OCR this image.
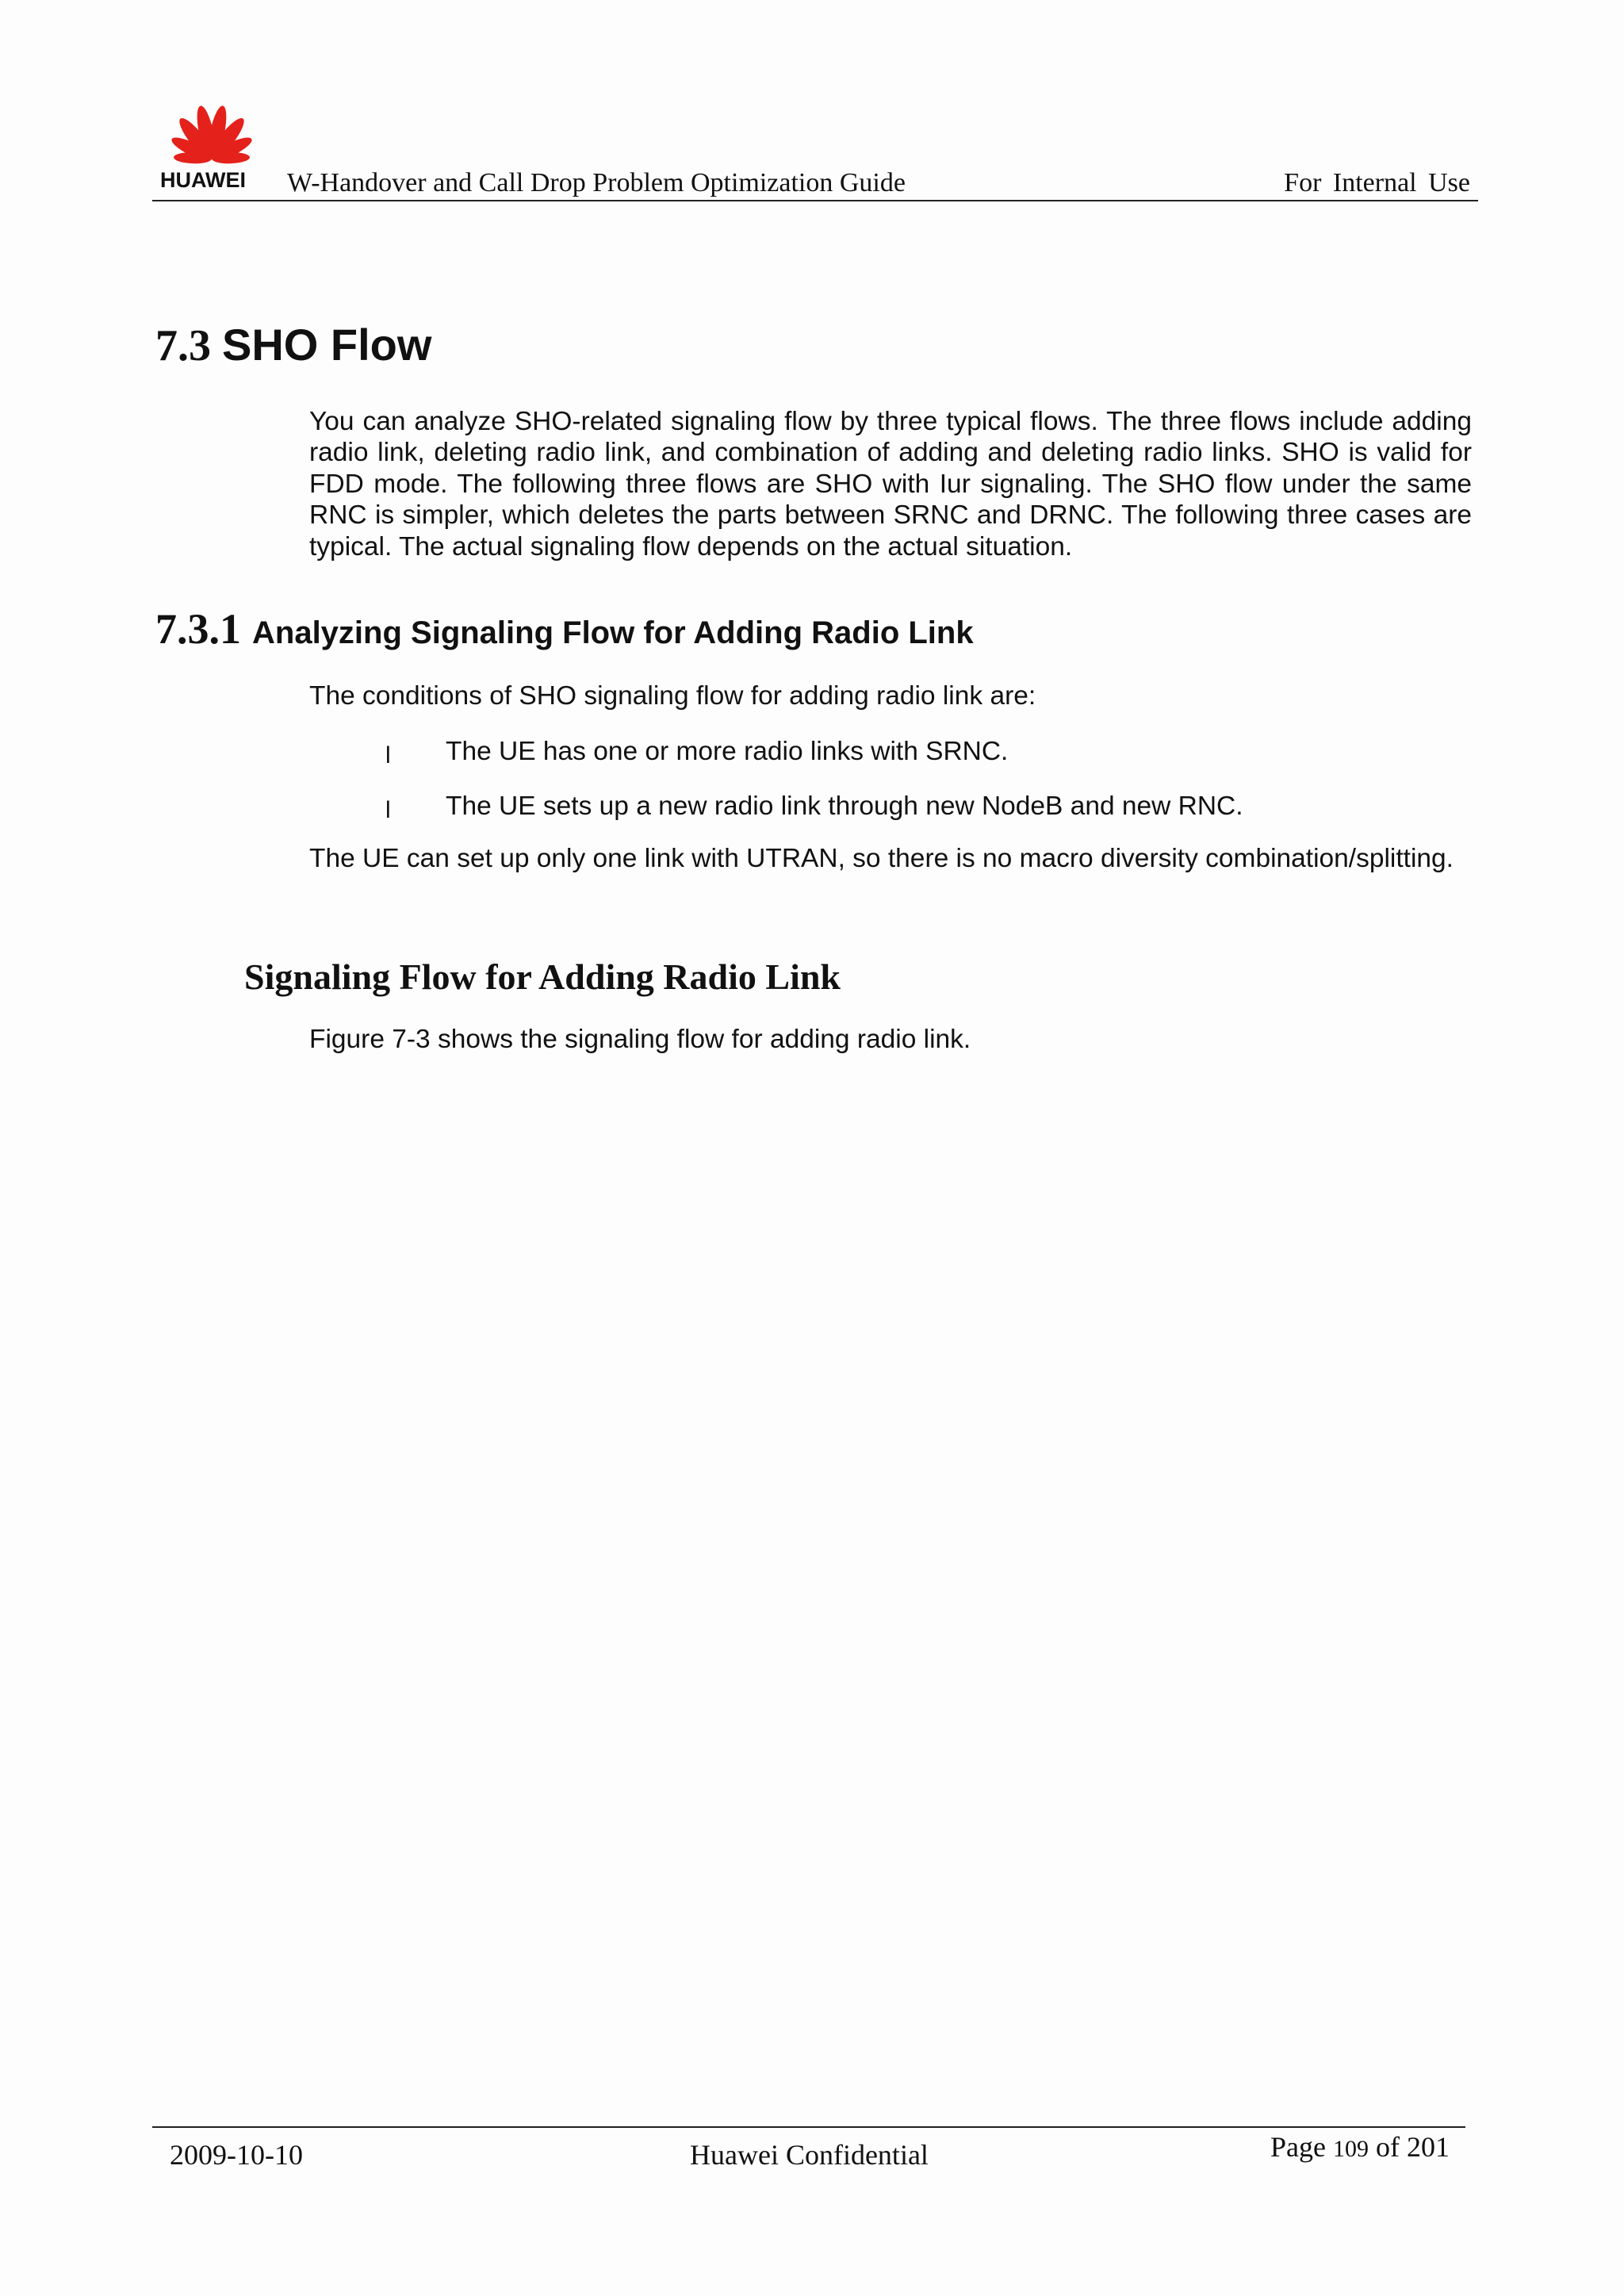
HUAWEI W-Handover and Call Drop Problem Optimization Guide	For Internal Use
7.3 SHO Flow
You can analyze SHO-related signaling flow by three typical flows. The three flows include adding radio link, deleting radio link, and combination of adding and deleting radio links. SHO is valid for FDD mode. The following three flows are SHO with Iur signaling. The SHO flow under the same RNC is simpler, which deletes the parts between SRNC and DRNC. The following three cases are typical. The actual signaling flow depends on the actual situation.
7.3.1 Analyzing Signaling Flow for Adding Radio Link
The conditions of SHO signaling flow for adding radio link are:
l The UE has one or more radio links with SRNC.
l The UE sets up a new radio link through new NodeB and new RNC.
The UE can set up only one link with UTRAN, so there is no macro diversity combination/splitting.
Signaling Flow for Adding Radio Link
Figure 7-3 shows the signaling flow for adding radio link.
2009-10-10	Huawei Confidential	Page 109 of 201
